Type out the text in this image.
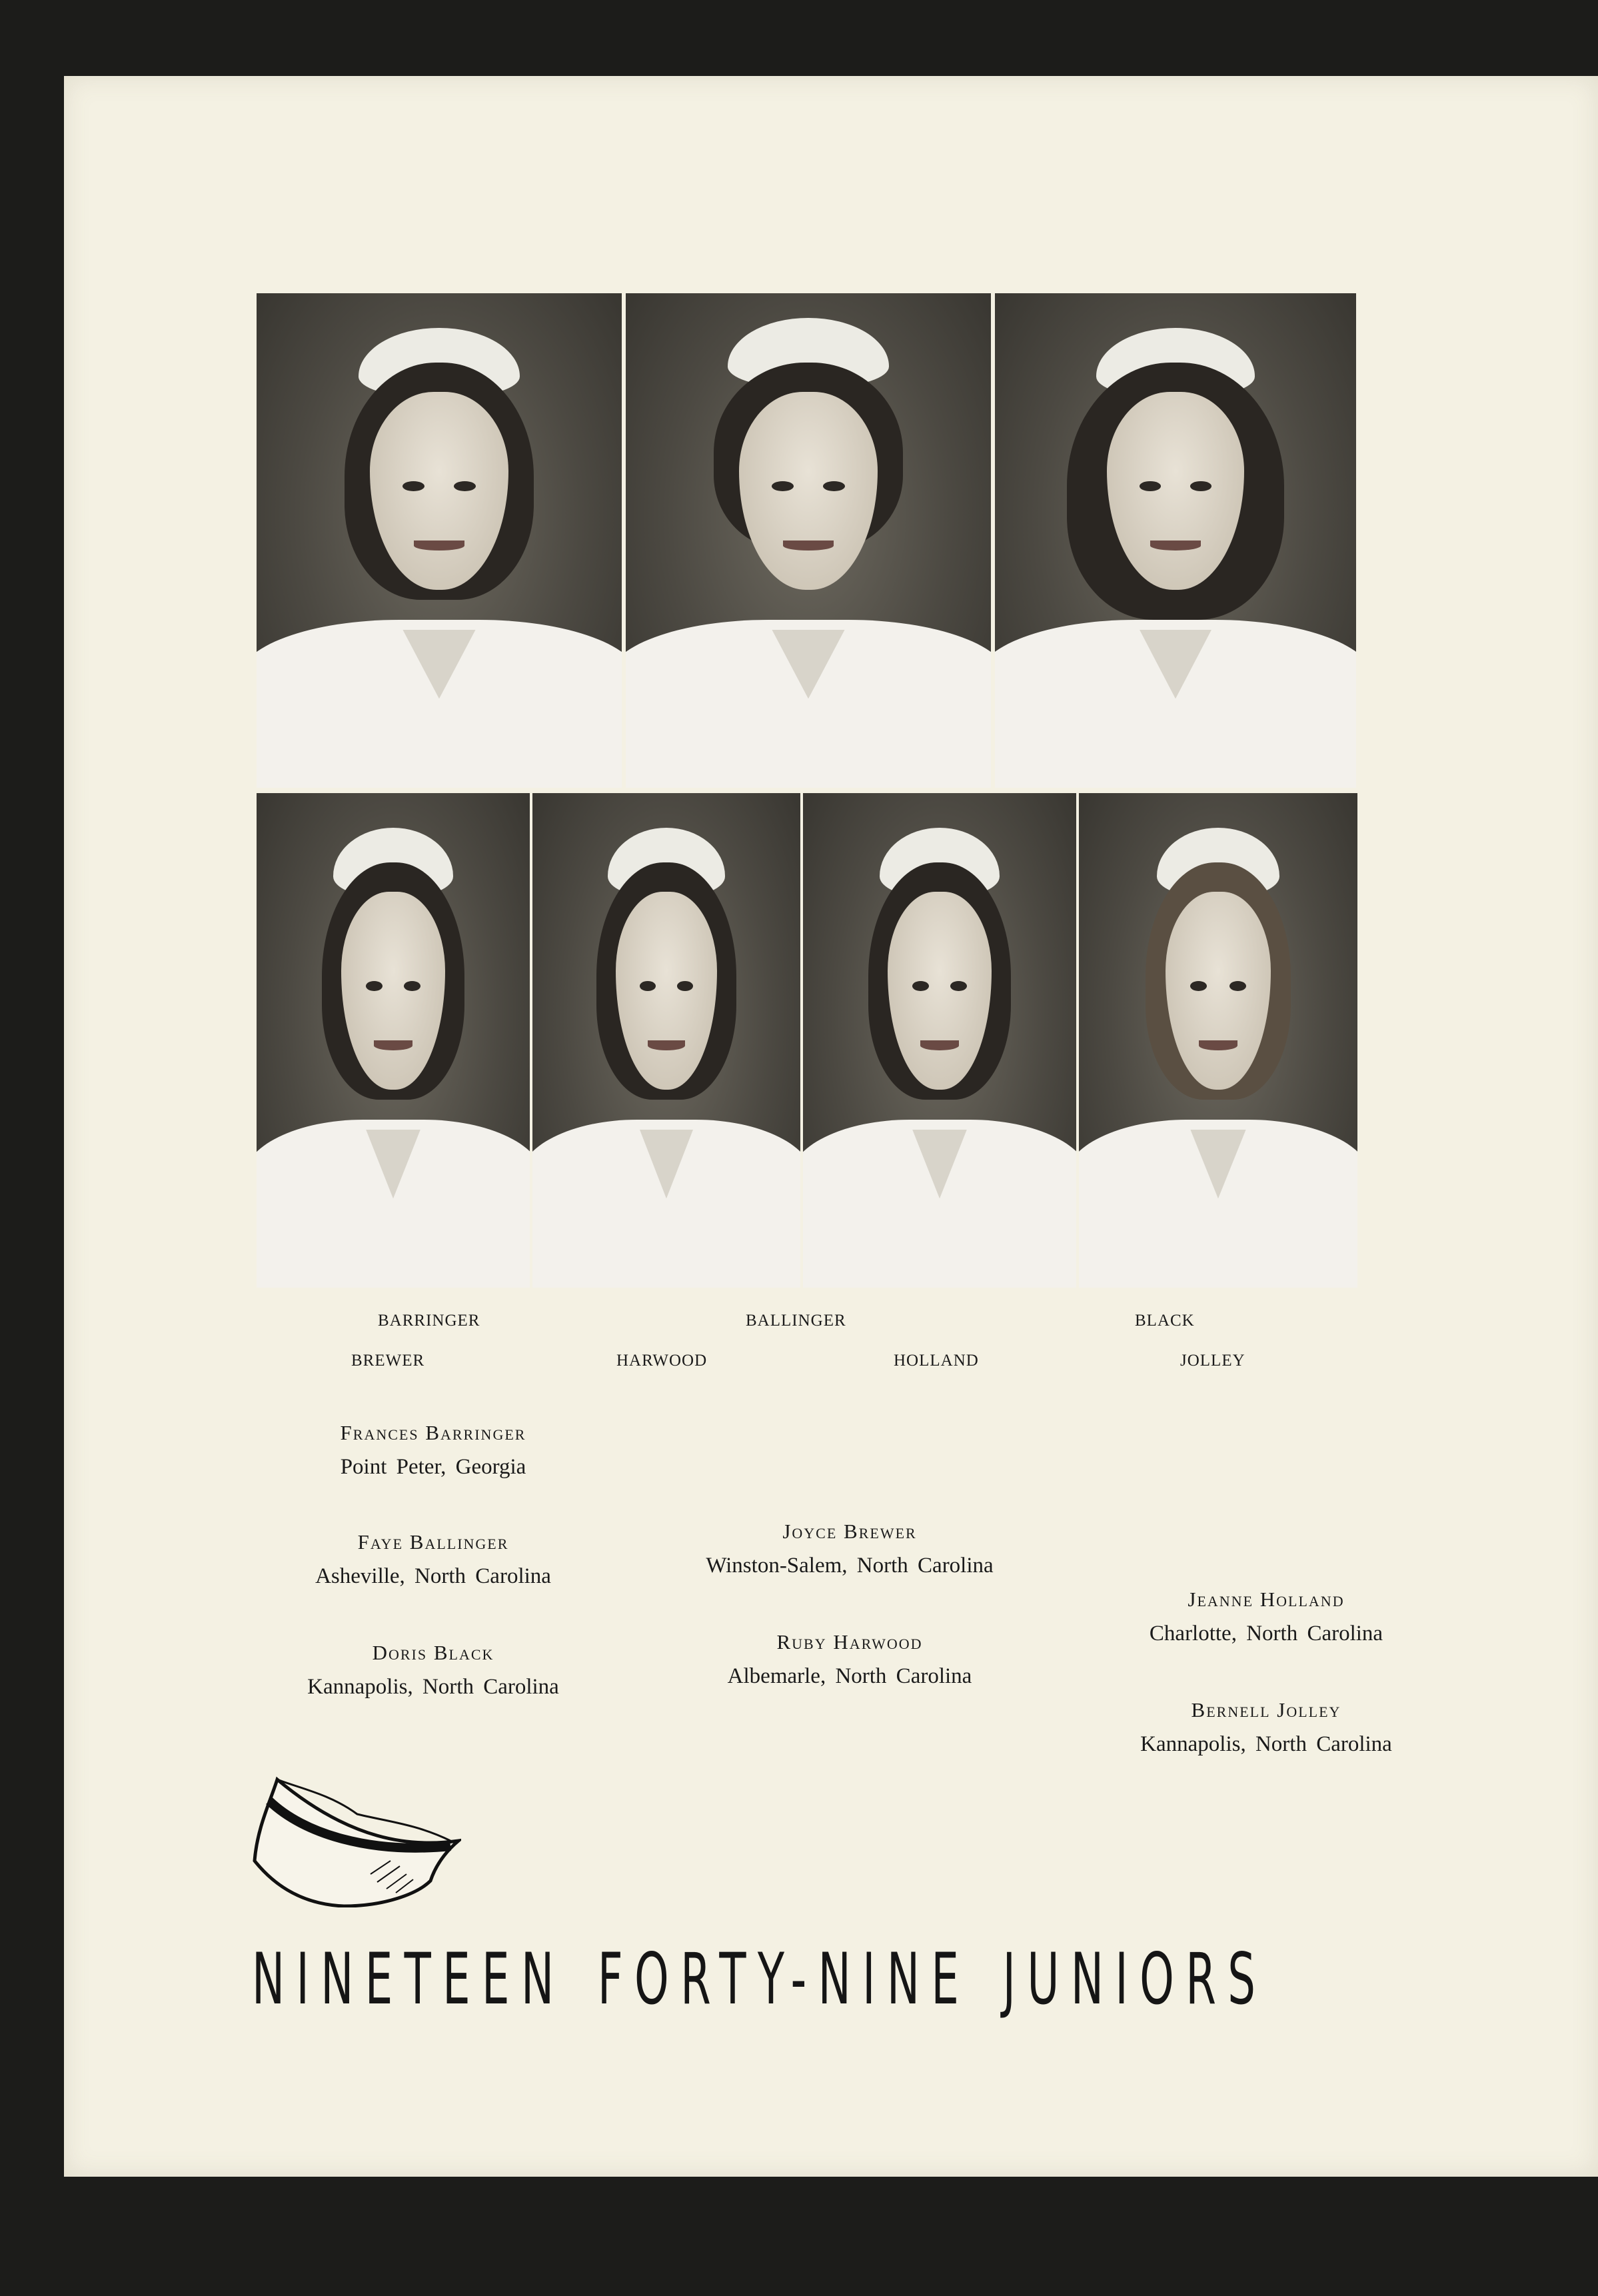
BARRINGER	BALLINGER	BLACK
BREWER	HARWOOD	HOLLAND	JOLLEY
Frances Barringer
Point Peter, Georgia
Faye Ballinger
Asheville, North Carolina
Doris Black
Kannapolis, North Carolina
Joyce Brewer
Winston-Salem, North Carolina
Ruby Harwood
Albemarle, North Carolina
Jeanne Holland
Charlotte, North Carolina
Bernell Jolley
Kannapolis, North Carolina
NINETEEN FORTY-NINE JUNIORS
